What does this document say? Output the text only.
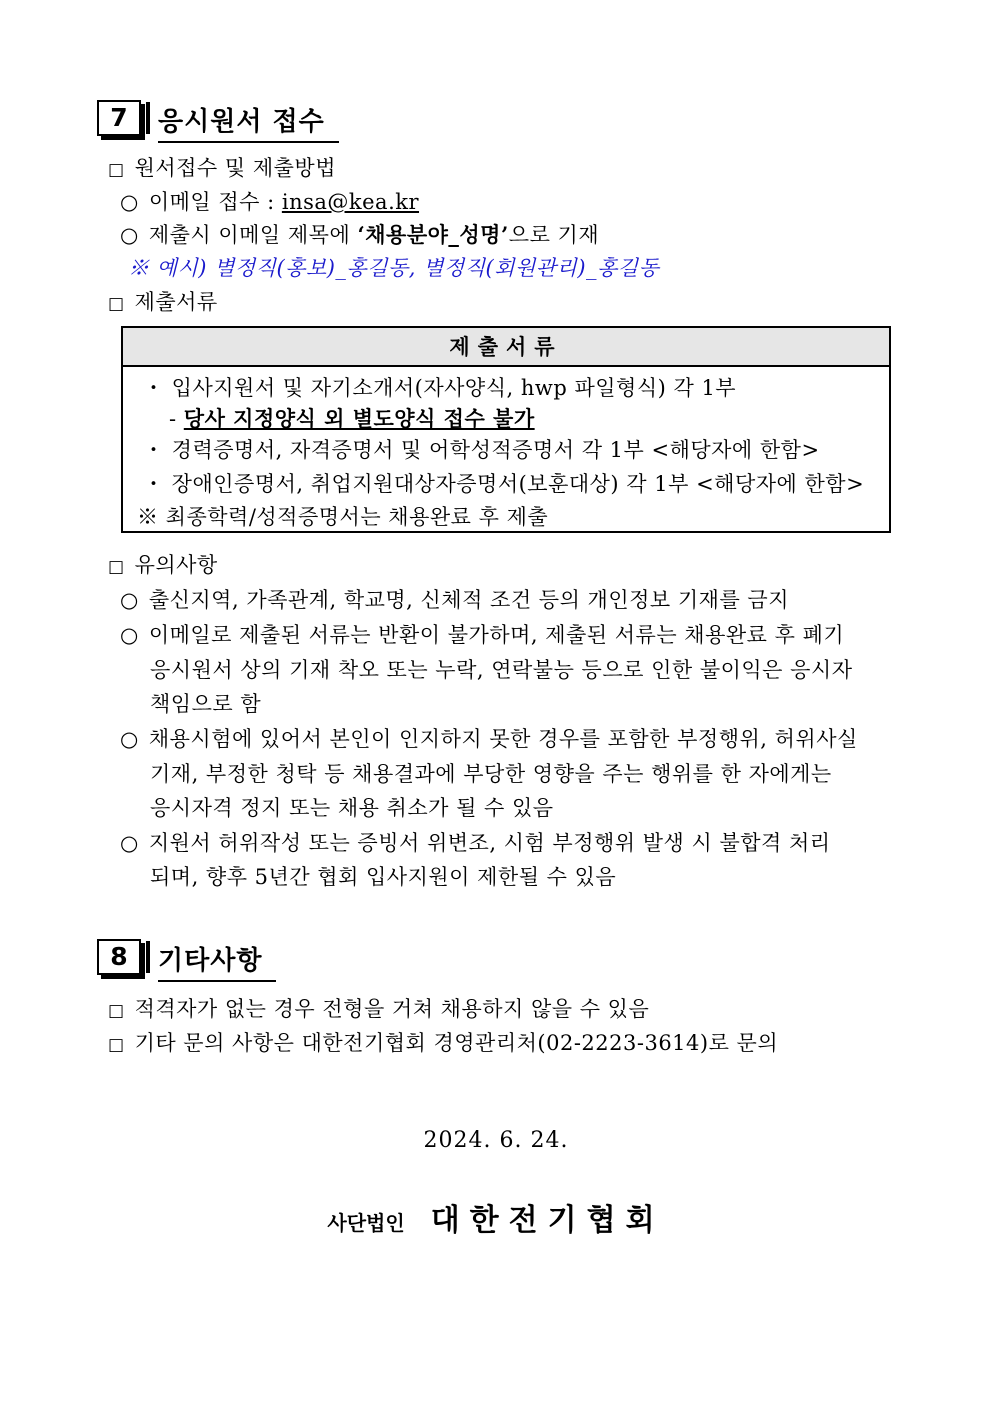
7	응시원서 접수
□ 원서접수 및 제출방법
○ 이메일 접수 : insa@kea.kr
○ 제출시 이메일 제목에 ‘채용분야_성명’으로 기재
※ 예시) 별정직(홍보)_홍길동, 별정직(회원관리)_홍길동
□ 제출서류
제출서류
・ 입사지원서 및 자기소개서(자사양식, hwp 파일형식) 각 1부
- 당사 지정양식 외 별도양식 접수 불가
・ 경력증명서, 자격증명서 및 어학성적증명서 각 1부 <해당자에 한함>
・ 장애인증명서, 취업지원대상자증명서(보훈대상) 각 1부 <해당자에 한함>
※ 최종학력/성적증명서는 채용완료 후 제출
□ 유의사항
○ 출신지역, 가족관계, 학교명, 신체적 조건 등의 개인정보 기재를 금지
○ 이메일로 제출된 서류는 반환이 불가하며, 제출된 서류는 채용완료 후 폐기
응시원서 상의 기재 착오 또는 누락, 연락불능 등으로 인한 불이익은 응시자
책임으로 함
○ 채용시험에 있어서 본인이 인지하지 못한 경우를 포함한 부정행위, 허위사실
기재, 부정한 청탁 등 채용결과에 부당한 영향을 주는 행위를 한 자에게는
응시자격 정지 또는 채용 취소가 될 수 있음
○ 지원서 허위작성 또는 증빙서 위변조, 시험 부정행위 발생 시 불합격 처리
되며, 향후 5년간 협회 입사지원이 제한될 수 있음
8	기타사항
□ 적격자가 없는 경우 전형을 거쳐 채용하지 않을 수 있음
□ 기타 문의 사항은 대한전기협회 경영관리처(02-2223-3614)로 문의
2024. 6. 24.
사단법인 대한전기협회
